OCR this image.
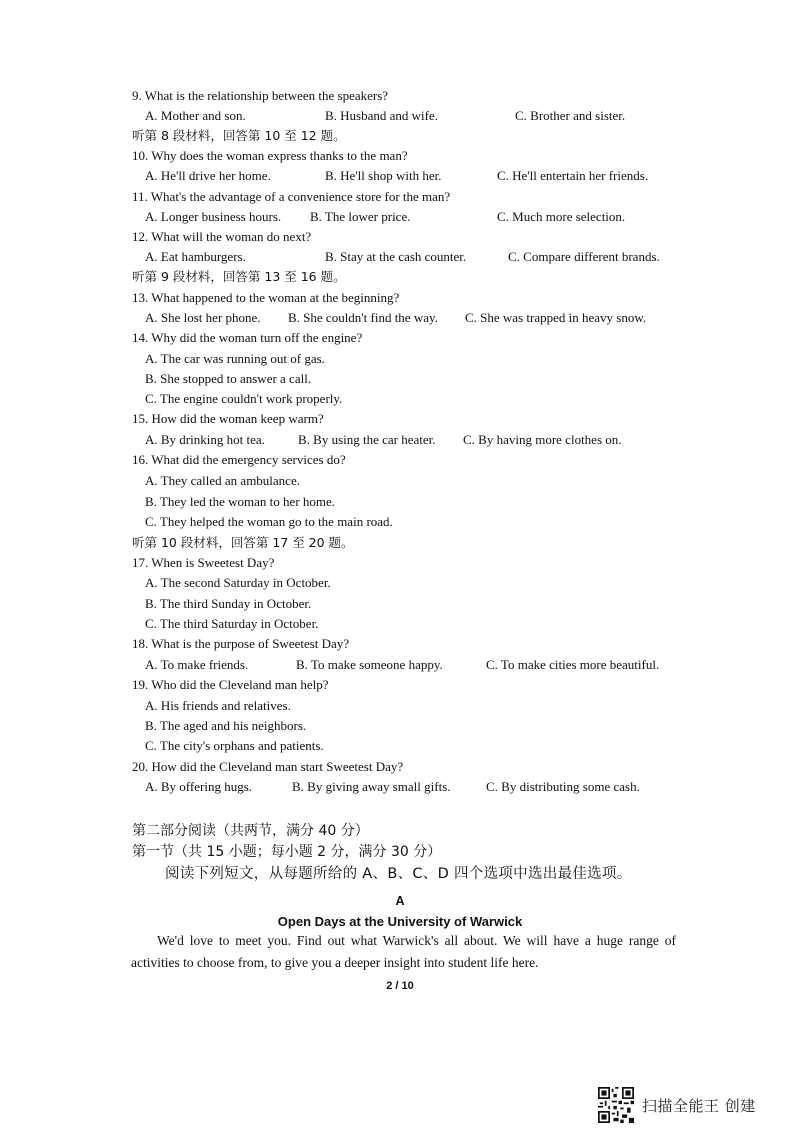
9. What is the relationship between the speakers?
A. Mother and son.	B. Husband and wife.	C. Brother and sister.
听第 8 段材料，回答第 10 至 12 题。
10. Why does the woman express thanks to the man?
A. He'll drive her home.	B. He'll shop with her.	C. He'll entertain her friends.
11. What's the advantage of a convenience store for the man?
A. Longer business hours. B. The lower price.	C. Much more selection.
12. What will the woman do next?
A. Eat hamburgers.	B. Stay at the cash counter.	C. Compare different brands.
听第 9 段材料，回答第 13 至 16 题。
13. What happened to the woman at the beginning?
A. She lost her phone. B. She couldn't find the way. C. She was trapped in heavy snow.
14. Why did the woman turn off the engine?
A. The car was running out of gas.
B. She stopped to answer a call.
C. The engine couldn't work properly.
15. How did the woman keep warm?
A. By drinking hot tea.	B. By using the car heater. C. By having more clothes on.
16. What did the emergency services do?
A. They called an ambulance.
B. They led the woman to her home.
C. They helped the woman go to the main road.
听第 10 段材料，回答第 17 至 20 题。
17. When is Sweetest Day?
A. The second Saturday in October.
B. The third Sunday in October.
C. The third Saturday in October.
18. What is the purpose of Sweetest Day?
A. To make friends.	B. To make someone happy.	C. To make cities more beautiful.
19. Who did the Cleveland man help?
A. His friends and relatives.
B. The aged and his neighbors.
C. The city's orphans and patients.
20. How did the Cleveland man start Sweetest Day?
A. By offering hugs.	B. By giving away small gifts.	C. By distributing some cash.
第二部分阅读（共两节，满分 40 分）
第一节（共 15 小题；每小题 2 分，满分 30 分）
阅读下列短文，从每题所给的 A、B、C、D 四个选项中选出最佳选项。
A
Open Days at the University of Warwick
We'd love to meet you. Find out what Warwick's all about. We will have a huge range of activities to choose from, to give you a deeper insight into student life here.
2 / 10
扫描全能王 创建
